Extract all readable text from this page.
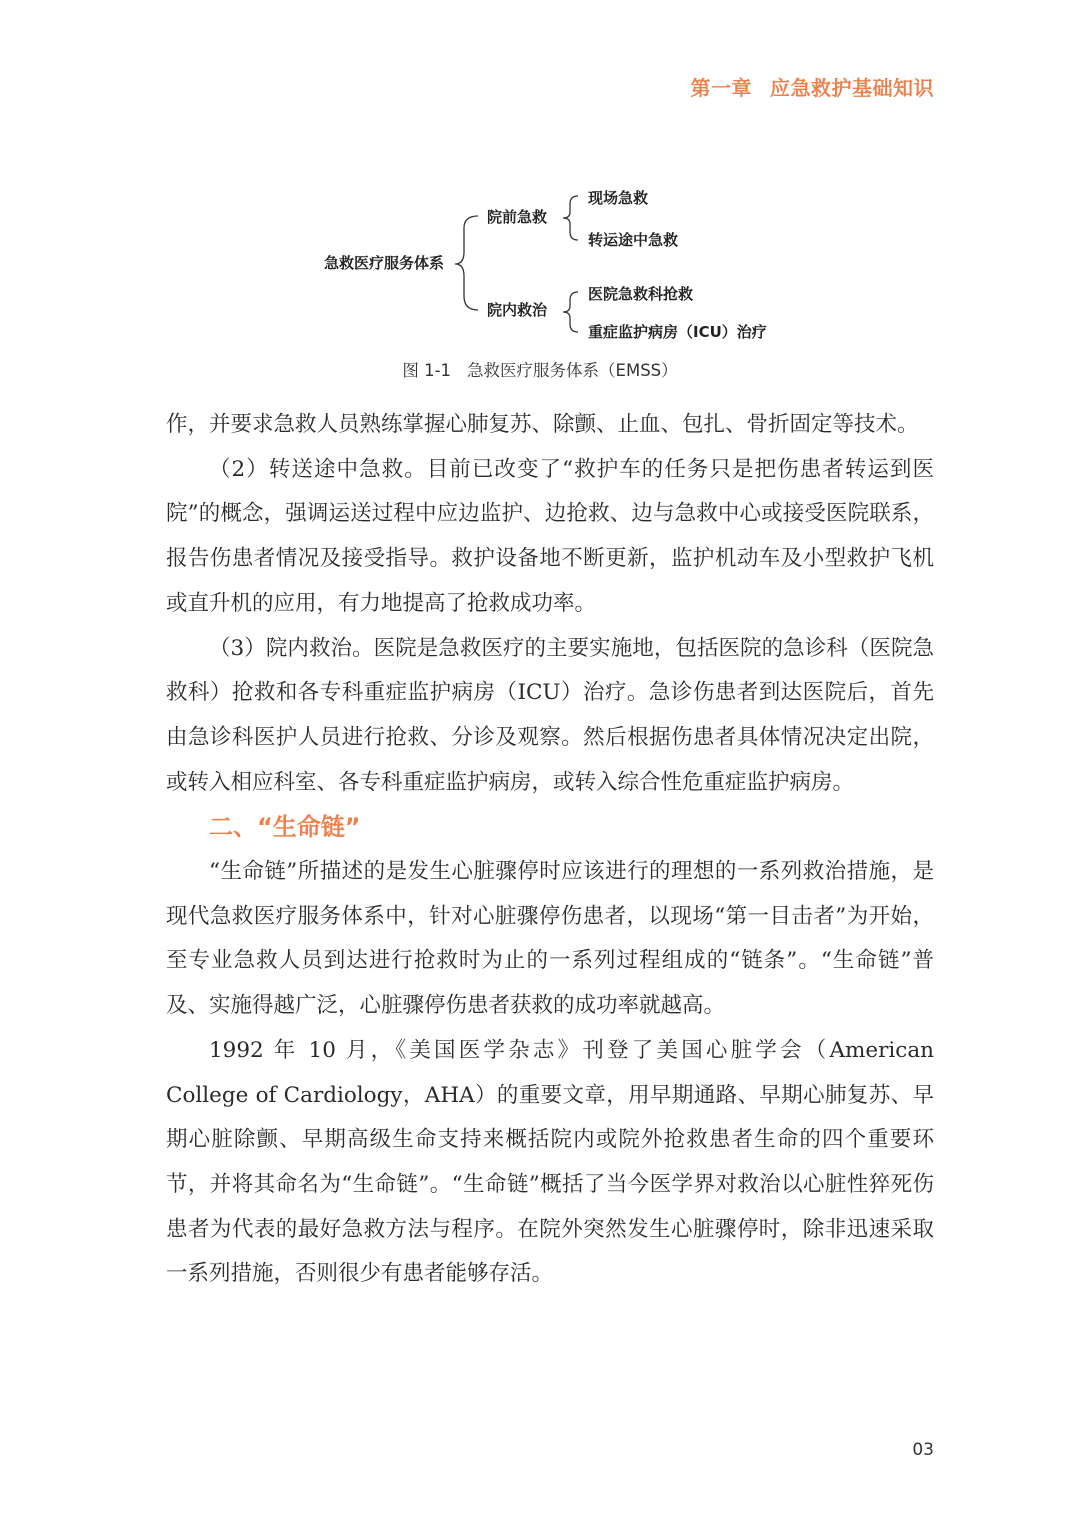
第一章 应急救护基础知识
急救医疗服务体系
院前急救
现场急救
转运途中急救
院内救治
医院急救科抢救
重症监护病房（ICU）治疗
图 1-1 急救医疗服务体系（EMSS）

作，并要求急救人员熟练掌握心肺复苏、除颤、止血、包扎、骨折固定等技术。

（2）转送途中急救。目前已改变了“救护车的任务只是把伤患者转运到医院”的概念，强调运送过程中应边监护、边抢救、边与急救中心或接受医院联系，报告伤患者情况及接受指导。救护设备地不断更新，监护机动车及小型救护飞机或直升机的应用，有力地提高了抢救成功率。

（3）院内救治。医院是急救医疗的主要实施地，包括医院的急诊科（医院急救科）抢救和各专科重症监护病房（ICU）治疗。急诊伤患者到达医院后，首先由急诊科医护人员进行抢救、分诊及观察。然后根据伤患者具体情况决定出院，或转入相应科室、各专科重症监护病房，或转入综合性危重症监护病房。

二、“生命链”

“生命链”所描述的是发生心脏骤停时应该进行的理想的一系列救治措施，是现代急救医疗服务体系中，针对心脏骤停伤患者，以现场“第一目击者”为开始，至专业急救人员到达进行抢救时为止的一系列过程组成的“链条”。“生命链”普及、实施得越广泛，心脏骤停伤患者获救的成功率就越高。

1992 年 10 月，《美国医学杂志》刊登了美国心脏学会（American College of Cardiology，AHA）的重要文章，用早期通路、早期心肺复苏、早期心脏除颤、早期高级生命支持来概括院内或院外抢救患者生命的四个重要环节，并将其命名为“生命链”。“生命链”概括了当今医学界对救治以心脏性猝死伤患者为代表的最好急救方法与程序。在院外突然发生心脏骤停时，除非迅速采取一系列措施，否则很少有患者能够存活。

03
